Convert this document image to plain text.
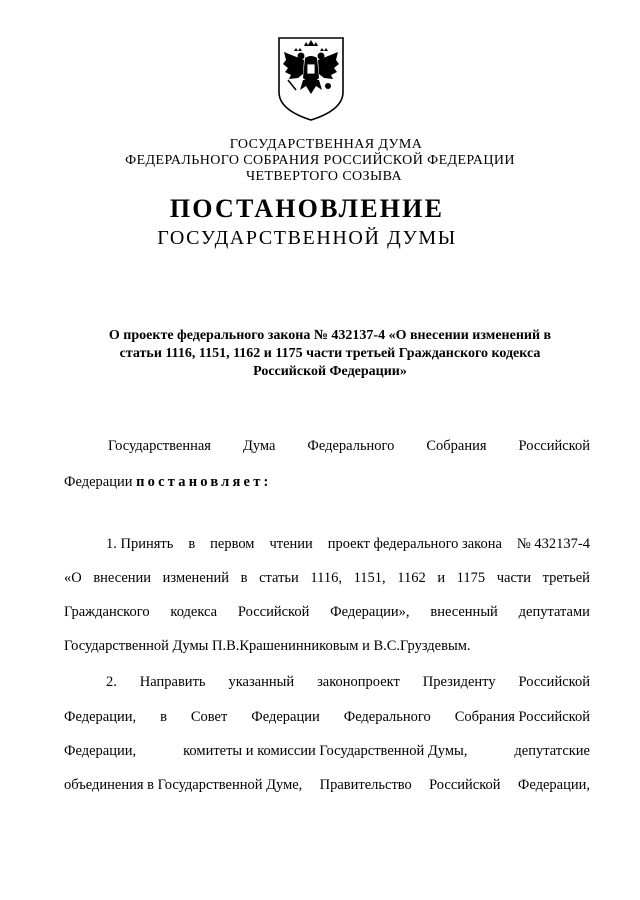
ГОСУДАРСТВЕННАЯ ДУМА
ФЕДЕРАЛЬНОГО СОБРАНИЯ РОССИЙСКОЙ ФЕДЕРАЦИИ
ЧЕТВЕРТОГО СОЗЫВА
ПОСТАНОВЛЕНИЕ
ГОСУДАРСТВЕННОЙ ДУМЫ
О проекте федерального закона № 432137-4 «О внесении изменений в
статьи 1116, 1151, 1162 и 1175 части третьей Гражданского кодекса
Российской Федерации»
Государственная Дума Федерального Собрания Российской
Федерации постановляет:
1. Принять в первом чтении проект федерального закона № 432137-4
«О внесении изменений в статьи 1116, 1151, 1162 и 1175 части третьей
Гражданского кодекса Российской Федерации», внесенный депутатами
Государственной Думы П.В.Крашенинниковым и В.С.Груздевым.
2. Направить указанный законопроект Президенту Российской
Федерации, в Совет Федерации Федерального Собрания Российской
Федерации,	комитеты и комиссии Государственной Думы,	депутатские
объединения в Государственной Думе, Правительство Российской Федерации,
